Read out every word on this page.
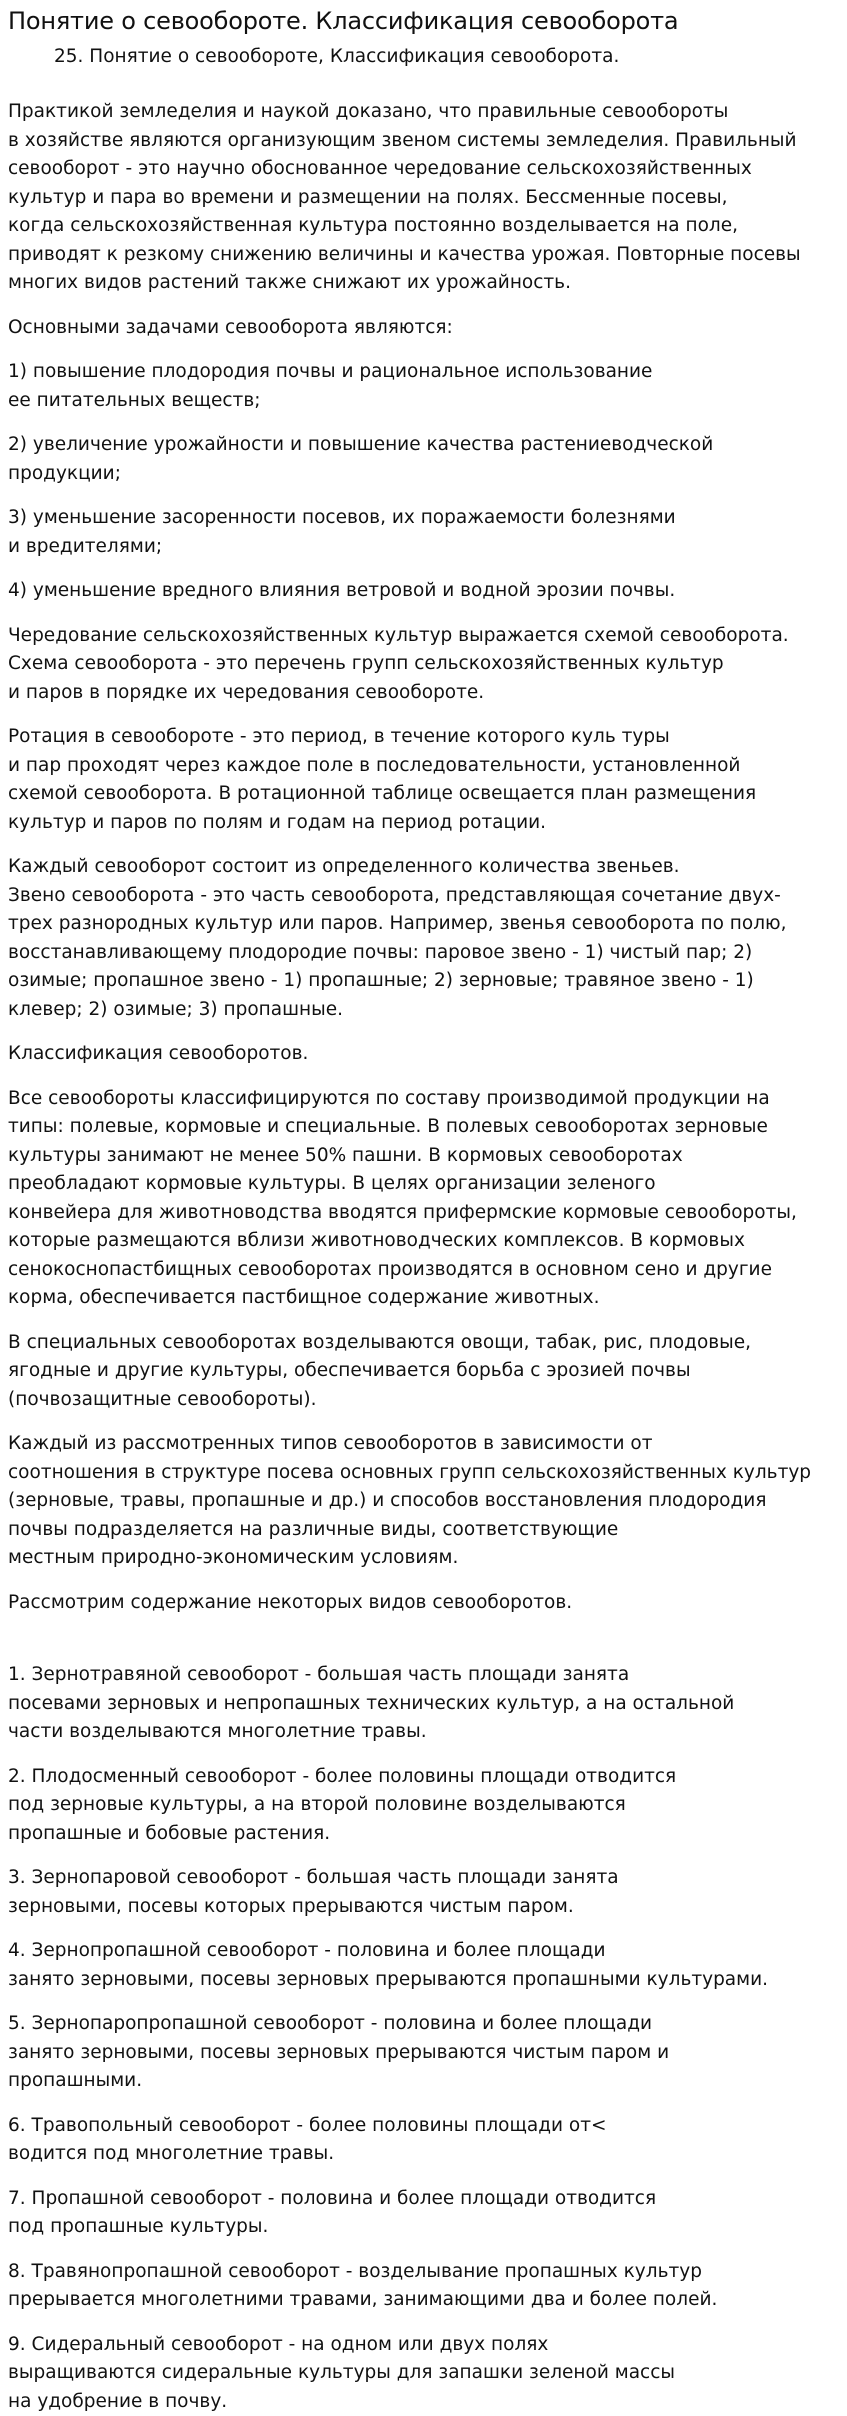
Понятие о севообороте. Классификация севооборота
25. Понятие о севообороте, Классификация севооборота.

Практикой земледелия и наукой доказано, что правильные севообороты
в хозяйстве являются организующим звеном системы земледелия. Правильный
севооборот - это научно обоснованное чередование сельскохозяйственных
культур и пара во времени и размещении на полях. Бессменные посевы,
когда сельскохозяйственная культура постоянно возделывается на поле,
приводят к резкому снижению величины и качества урожая. Повторные посевы
многих видов растений также снижают их урожайность.

Основными задачами севооборота являются:

1) повышение плодородия почвы и рациональное использование
ее питательных веществ;

2) увеличение урожайности и повышение качества растениеводческой
продукции;

3) уменьшение засоренности посевов, их поражаемости болезнями
и вредителями;

4) уменьшение вредного влияния ветровой и водной эрозии почвы.

Чередование сельскохозяйственных культур выражается схемой севооборота.
Схема севооборота - это перечень групп сельскохозяйственных культур
и паров в порядке их чередования севообороте.

Ротация в севообороте - это период, в течение которого куль туры
и пар проходят через каждое поле в последовательности, установленной
схемой севооборота. В ротационной таблице освещается план размещения
культур и паров по полям и годам на период ротации.

Каждый севооборот состоит из определенного количества звеньев.
Звено севооборота - это часть севооборота, представляющая сочетание двух-
трех разнородных культур или паров. Например, звенья севооборота по полю,
восстанавливающему плодородие почвы: паровое звено - 1) чистый пар; 2)
озимые; пропашное звено - 1) пропашные; 2) зерновые; травяное звено - 1)
клевер; 2) озимые; 3) пропашные.

Классификация севооборотов.

Все севообороты классифицируются по составу производимой продукции на
типы: полевые, кормовые и специальные. В полевых севооборотах зерновые
культуры занимают не менее 50% пашни. В кормовых севооборотах
преобладают кормовые культуры. В целях организации зеленого
конвейера для животноводства вводятся прифермские кормовые севообороты,
которые размещаются вблизи животноводческих комплексов. В кормовых
сенокоснопастбищных севооборотах производятся в основном сено и другие
корма, обеспечивается пастбищное содержание животных.

В специальных севооборотах возделываются овощи, табак, рис, плодовые,
ягодные и другие культуры, обеспечивается борьба с эрозией почвы
(почвозащитные севообороты).

Каждый из рассмотренных типов севооборотов в зависимости от
соотношения в структуре посева основных групп сельскохозяйственных культур
(зерновые, травы, пропашные и др.) и способов восстановления плодородия
почвы подразделяется на различные виды, соответствующие
местным природно-экономическим условиям.

Рассмотрим содержание некоторых видов севооборотов.

1. Зернотравяной севооборот - большая часть площади занята
посевами зерновых и непропашных технических культур, а на остальной
части возделываются многолетние травы.

2. Плодосменный севооборот - более половины площади отводится
под зерновые культуры, а на второй половине возделываются
пропашные и бобовые растения.

3. Зернопаровой севооборот - большая часть площади занята
зерновыми, посевы которых прерываются чистым паром.

4. Зернопропашной севооборот - половина и более площади
занято зерновыми, посевы зерновых прерываются пропашными культурами.

5. Зернопаропропашной севооборот - половина и более площади
занято зерновыми, посевы зерновых прерываются чистым паром и
пропашными.

6. Травопольный севооборот - более половины площади от<
водится под многолетние травы.

7. Пропашной севооборот - половина и более площади отводится
под пропашные культуры.

8. Травянопропашной севооборот - возделывание пропашных культур
прерывается многолетними травами, занимающими два и более полей.

9. Сидеральный севооборот - на одном или двух полях
выращиваются сидеральные культуры для запашки зеленой массы
на удобрение в почву.
